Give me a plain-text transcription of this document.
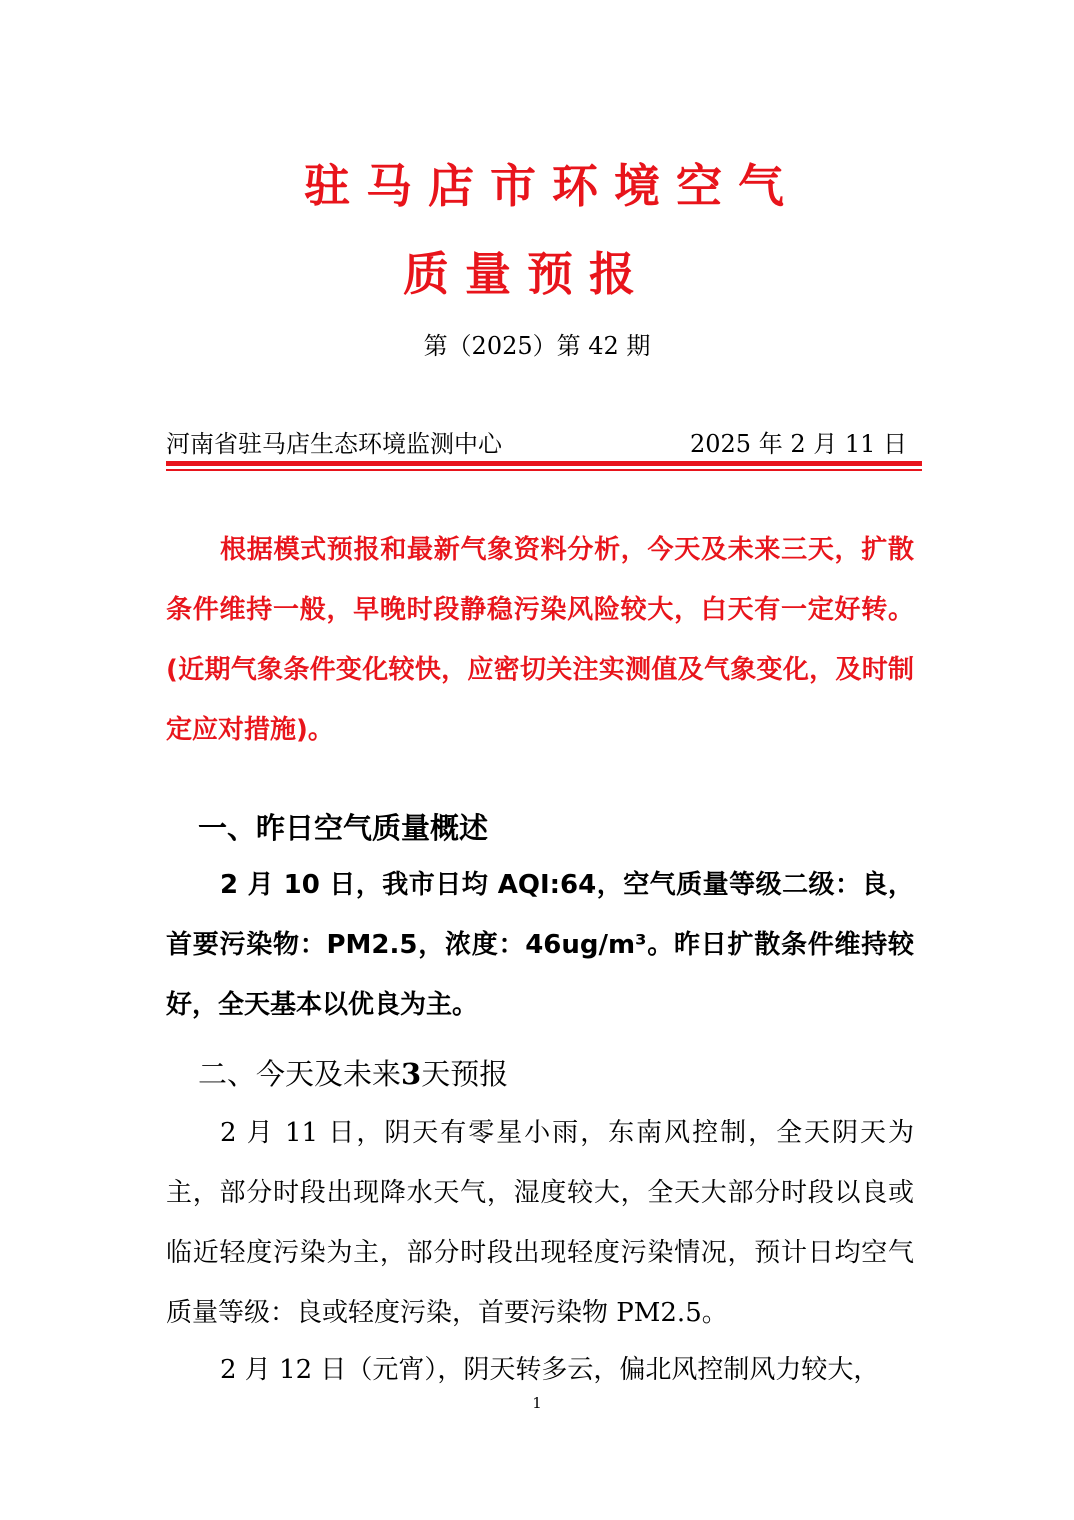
驻马店市环境空气
质量预报
第（2025）第 42 期
河南省驻马店生态环境监测中心	2025 年 2 月 11 日
根据模式预报和最新气象资料分析，今天及未来三天，扩散条件维持一般，早晚时段静稳污染风险较大，白天有一定好转。(近期气象条件变化较快，应密切关注实测值及气象变化，及时制定应对措施)。
一、昨日空气质量概述
2 月 10 日，我市日均 AQI:64，空气质量等级二级：良，首要污染物：PM2.5，浓度：46ug/m³。昨日扩散条件维持较好，全天基本以优良为主。
二、今天及未来3天预报
2 月 11 日，阴天有零星小雨，东南风控制，全天阴天为主，部分时段出现降水天气，湿度较大，全天大部分时段以良或临近轻度污染为主，部分时段出现轻度污染情况，预计日均空气质量等级：良或轻度污染，首要污染物 PM2.5。
2 月 12 日（元宵），阴天转多云，偏北风控制风力较大，
1
